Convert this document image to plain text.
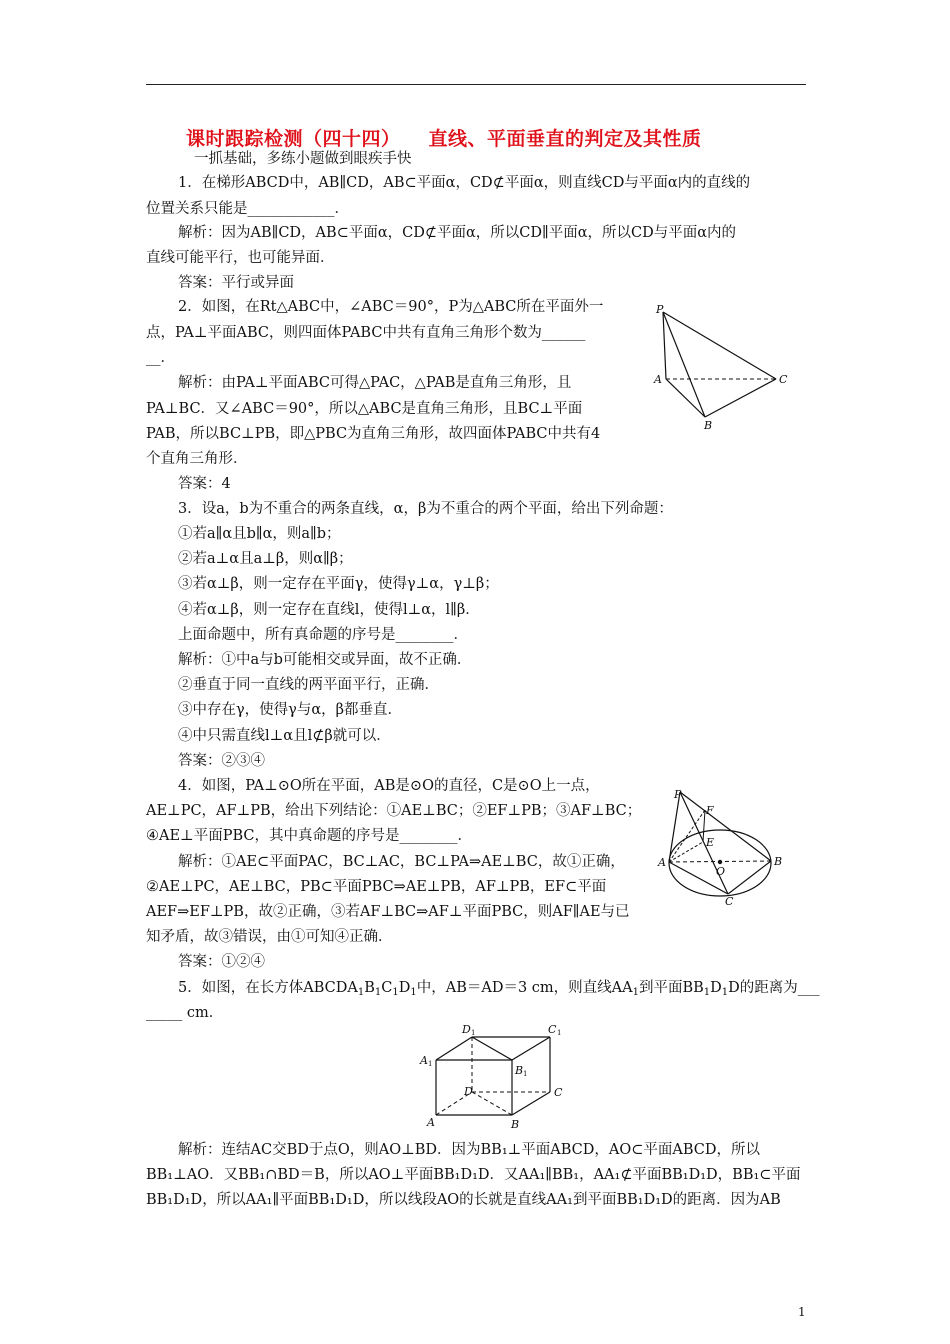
课时跟踪检测（四十四） 直线、平面垂直的判定及其性质
一抓基础，多练小题做到眼疾手快
1．在梯形ABCD中，AB∥CD，AB⊂平面α，CD⊄平面α，则直线CD与平面α内的直线的
位置关系只能是____________．
解析：因为AB∥CD，AB⊂平面α，CD⊄平面α，所以CD∥平面α，所以CD与平面α内的
直线可能平行，也可能异面．
答案：平行或异面
2．如图，在Rt△ABC中，∠ABC＝90°，P为△ABC所在平面外一
点，PA⊥平面ABC，则四面体PABC中共有直角三角形个数为______
__．
解析：由PA⊥平面ABC可得△PAC，△PAB是直角三角形，且
PA⊥BC．又∠ABC＝90°，所以△ABC是直角三角形，且BC⊥平面
PAB，所以BC⊥PB，即△PBC为直角三角形，故四面体PABC中共有4
个直角三角形．
答案：4
P
A
B
C
3．设a，b为不重合的两条直线，α，β为不重合的两个平面，给出下列命题：
①若a∥α且b∥α，则a∥b；
②若a⊥α且a⊥β，则α∥β；
③若α⊥β，则一定存在平面γ，使得γ⊥α，γ⊥β；
④若α⊥β，则一定存在直线l，使得l⊥α，l∥β．
上面命题中，所有真命题的序号是________．
解析：①中a与b可能相交或异面，故不正确．
②垂直于同一直线的两平面平行，正确．
③中存在γ，使得γ与α，β都垂直．
④中只需直线l⊥α且l⊄β就可以．
答案：②③④
4．如图，PA⊥⊙O所在平面，AB是⊙O的直径，C是⊙O上一点，
AE⊥PC，AF⊥PB，给出下列结论：①AE⊥BC；②EF⊥PB；③AF⊥BC；
④AE⊥平面PBC，其中真命题的序号是________．
解析：①AE⊂平面PAC，BC⊥AC，BC⊥PA⇒AE⊥BC，故①正确，
②AE⊥PC，AE⊥BC，PB⊂平面PBC⇒AE⊥PB，AF⊥PB，EF⊂平面
AEF⇒EF⊥PB，故②正确，③若AF⊥BC⇒AF⊥平面PBC，则AF∥AE与已
知矛盾，故③错误，由①可知④正确．
答案：①②④
P
F
E
A
O
B
C
5．如图，在长方体$ABCDA_1B_1C_1D_1$中，AB＝AD＝3 cm，则直线$AA_1$到平面$BB_1D_1D$的距离为___
_____ cm．
D 1	C 1
A 1	B 1
D	C
A	B
解析：连结AC交BD于点O，则AO⊥BD．因为BB₁⊥平面ABCD，AO⊂平面ABCD，所以
BB₁⊥AO．又BB₁∩BD＝B，所以AO⊥平面BB₁D₁D．又AA₁∥BB₁，AA₁⊄平面BB₁D₁D，BB₁⊂平面
BB₁D₁D，所以AA₁∥平面BB₁D₁D，所以线段AO的长就是直线AA₁到平面BB₁D₁D的距离．因为AB
1
